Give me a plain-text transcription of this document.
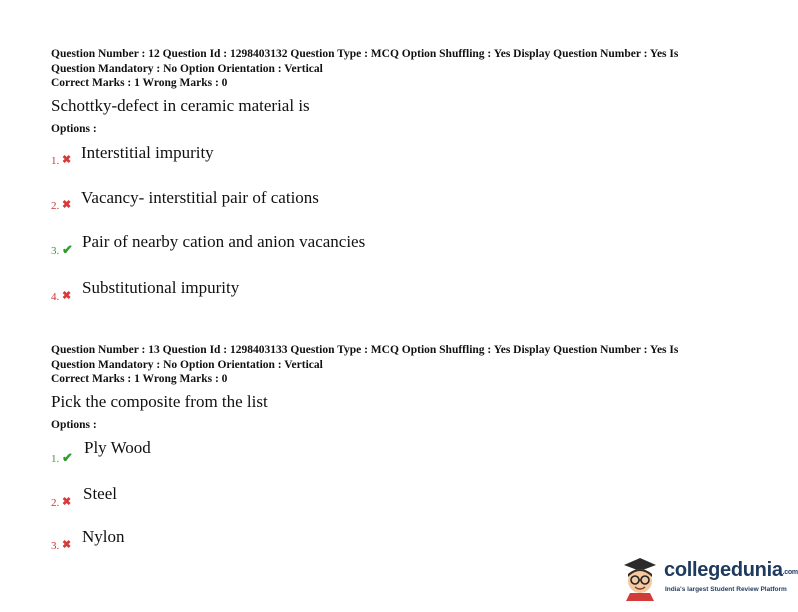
Question Number : 12 Question Id : 1298403132 Question Type : MCQ Option Shuffling : Yes Display Question Number : Yes Is
Question Mandatory : No Option Orientation : Vertical
Correct Marks : 1 Wrong Marks : 0
Schottky-defect in ceramic material is
Options :
1. ✖ Interstitial impurity
2. ✖ Vacancy- interstitial pair of cations
3. ✔ Pair of nearby cation and anion vacancies
4. ✖ Substitutional impurity
Question Number : 13 Question Id : 1298403133 Question Type : MCQ Option Shuffling : Yes Display Question Number : Yes Is
Question Mandatory : No Option Orientation : Vertical
Correct Marks : 1 Wrong Marks : 0
Pick the composite from the list
Options :
1. ✔
Ply Wood
2. ✖ Steel
3. ✖ Nylon
collegedunia.com
India's largest Student Review Platform
